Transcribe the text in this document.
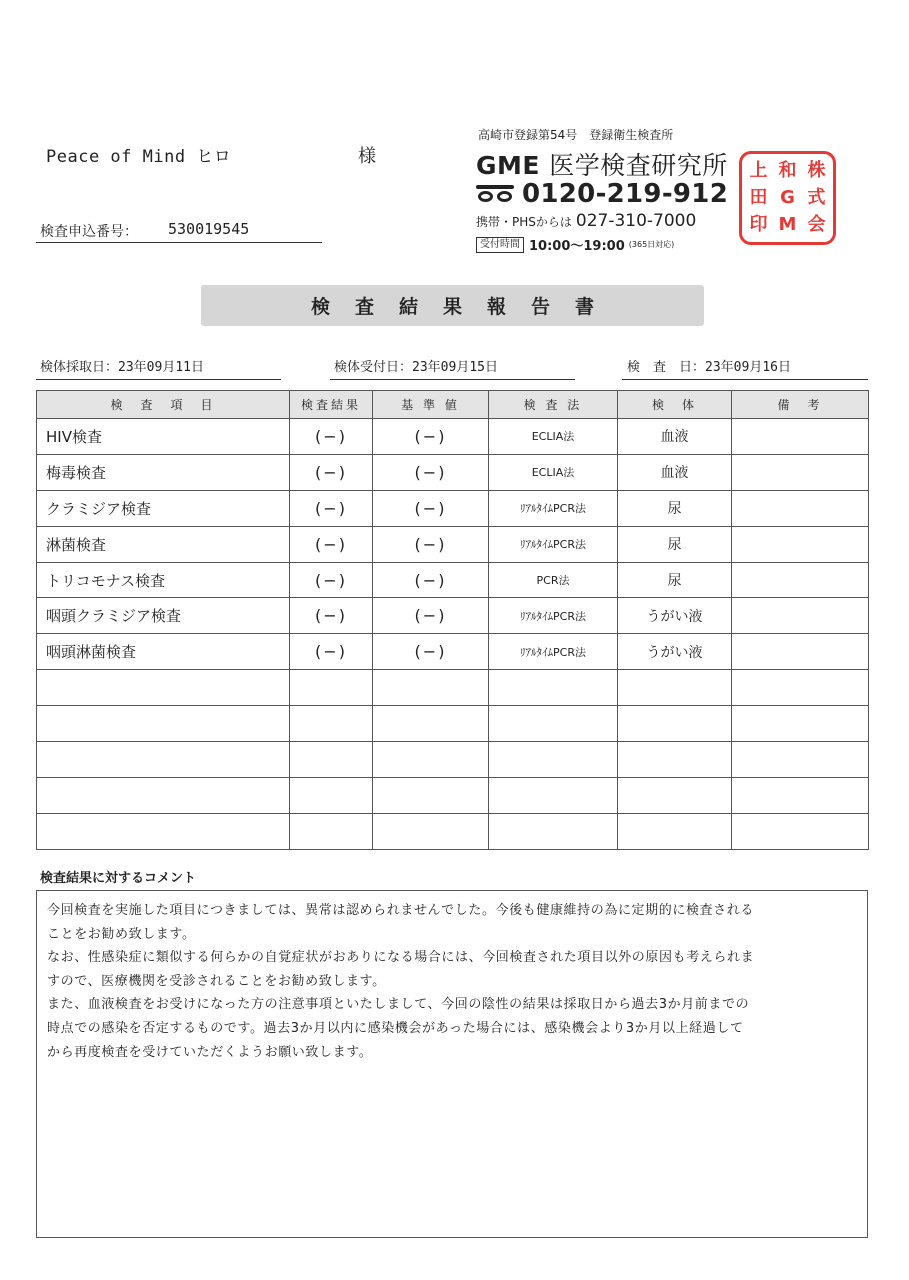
Peace of Mind ヒロ	様
検査申込番号： 530019545
高崎市登録第54号　登録衛生検査所
GME 医学検査研究所
0120-219-912
携帯・PHSからは 027-310-7000
受付時間 10:00〜19:00 (365日対応)
上
田
印
和
G
M
株
式
会
検査結果報告書
検体採取日：23年09月11日	検体受付日：23年09月15日	検　査　日：23年09月16日
検　査　項　目	検査結果	基 準 値	検 査 法	検　体	備　考
HIV検査	(−)	(−)	ECLIA法	血液	
梅毒検査	(−)	(−)	ECLIA法	血液	
クラミジア検査	(−)	(−)	ﾘｱﾙﾀｲﾑPCR法	尿	
淋菌検査	(−)	(−)	ﾘｱﾙﾀｲﾑPCR法	尿	
トリコモナス検査	(−)	(−)	PCR法	尿	
咽頭クラミジア検査	(−)	(−)	ﾘｱﾙﾀｲﾑPCR法	うがい液	
咽頭淋菌検査	(−)	(−)	ﾘｱﾙﾀｲﾑPCR法	うがい液	

検査結果に対するコメント

今回検査を実施した項目につきましては、異常は認められませんでした。今後も健康維持の為に定期的に検査される

ことをお勧め致します。

なお、性感染症に類似する何らかの自覚症状がおありになる場合には、今回検査された項目以外の原因も考えられま

すので、医療機関を受診されることをお勧め致します。

また、血液検査をお受けになった方の注意事項といたしまして、今回の陰性の結果は採取日から過去3か月前までの

時点での感染を否定するものです。過去3か月以内に感染機会があった場合には、感染機会より3か月以上経過して

から再度検査を受けていただくようお願い致します。
